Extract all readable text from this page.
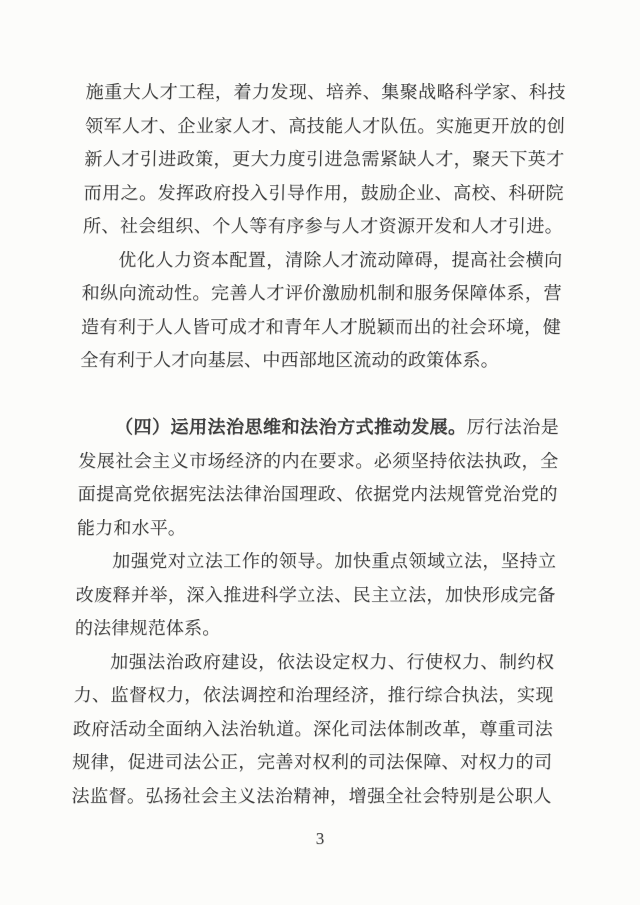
施重大人才工程，着力发现、培养、集聚战略科学家、科技
领军人才、企业家人才、高技能人才队伍。实施更开放的创
新人才引进政策，更大力度引进急需紧缺人才，聚天下英才
而用之。发挥政府投入引导作用，鼓励企业、高校、科研院
所、社会组织、个人等有序参与人才资源开发和人才引进。
优化人力资本配置，清除人才流动障碍，提高社会横向
和纵向流动性。完善人才评价激励机制和服务保障体系，营
造有利于人人皆可成才和青年人才脱颖而出的社会环境，健
全有利于人才向基层、中西部地区流动的政策体系。
（四）运用法治思维和法治方式推动发展。厉行法治是
发展社会主义市场经济的内在要求。必须坚持依法执政，全
面提高党依据宪法法律治国理政、依据党内法规管党治党的
能力和水平。
加强党对立法工作的领导。加快重点领域立法，坚持立
改废释并举，深入推进科学立法、民主立法，加快形成完备
的法律规范体系。
加强法治政府建设，依法设定权力、行使权力、制约权
力、监督权力，依法调控和治理经济，推行综合执法，实现
政府活动全面纳入法治轨道。深化司法体制改革，尊重司法
规律，促进司法公正，完善对权利的司法保障、对权力的司
法监督。弘扬社会主义法治精神，增强全社会特别是公职人
3
